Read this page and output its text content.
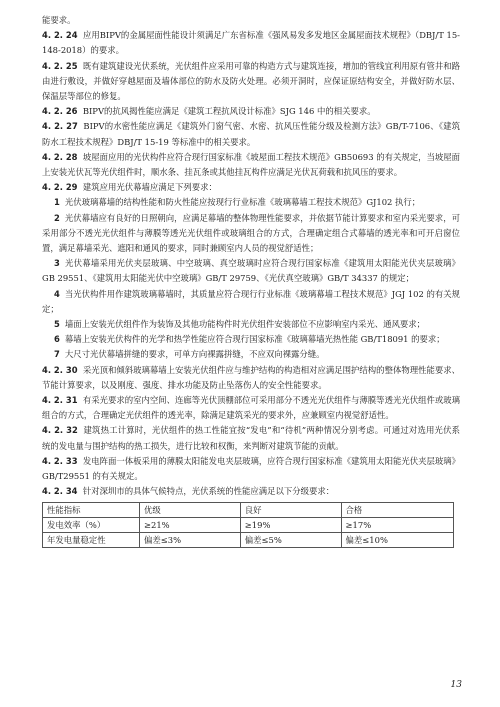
能要求。

4. 2. 24 应用BIPV的金属屋面性能设计须满足广东省标准《强风易发多发地区金属屋面技术规程》（DBJ/T 15-148-2018）的要求。

4. 2. 25 既有建筑建设光伏系统，光伏组件应采用可靠的构造方式与建筑连接，增加的管线宜利用原有管井和路由进行敷设，并做好穿越屋面及墙体部位的防水及防火处理。必须开洞时，应保证原结构安全，并做好防水层、保温层等部位的修复。

4. 2. 26 BIPV的抗风揭性能应满足《建筑工程抗风设计标准》SJG 146 中的相关要求。

4. 2. 27 BIPV的水密性能应满足《建筑外门窗气密、水密、抗风压性能分级及检测方法》GB/T-7106、《建筑防水工程技术规程》DBJ/T 15-19 等标准中的相关要求。

4. 2. 28 坡屋面应用的光伏构件应符合现行国家标准《坡屋面工程技术规范》GB50693 的有关规定，当坡屋面上安装光伏瓦等光伏组件时，顺水条、挂瓦条或其他挂瓦构件应满足光伏瓦荷载和抗风压的要求。

4. 2. 29 建筑应用光伏幕墙应满足下列要求：

1 光伏玻璃幕墙的结构性能和防火性能应按现行行业标准《玻璃幕墙工程技术规范》GJ102 执行；

2 光伏幕墙应有良好的日照朝向，应满足幕墙的整体物理性能要求，并依据节能计算要求和室内采光要求，可采用部分不透光光伏组件与薄膜等透光光伏组件或玻璃组合的方式，合理确定组合式幕墙的透光率和可开启窗位置，满足幕墙采光、遮阳和通风的要求，同时兼顾室内人员的视觉舒适性；

3 光伏幕墙采用光伏夹层玻璃、中空玻璃、真空玻璃时应符合现行国家标准《建筑用太阳能光伏夹层玻璃》GB 29551、《建筑用太阳能光伏中空玻璃》GB/T 29759、《光伏真空玻璃》GB/T 34337 的规定；

4 当光伏构件用作建筑玻璃幕墙时，其质量应符合现行行业标准《玻璃幕墙工程技术规范》JGJ 102 的有关规定；

5 墙面上安装光伏组件作为装饰及其他功能构件时光伏组件安装部位不应影响室内采光、通风要求；

6 幕墙上安装光伏构件的光学和热学性能应符合现行国家标准《玻璃幕墙光热性能 GB/T18091 的要求；

7 大尺寸光伏幕墙拼缝的要求，可单方向裸露拼缝，不应双向裸露分缝。

4. 2. 30 采光顶和倾斜玻璃幕墙上安装光伏组件应与维护结构的构造相对应满足围护结构的整体物理性能要求、节能计算要求，以及刚度、强度、排水功能及防止坠落伤人的安全性能要求。

4. 2. 31 有采光要求的室内空间、连廊等光伏顶棚部位可采用部分不透光光伏组件与薄膜等透光光伏组件或玻璃组合的方式，合理确定光伏组件的透光率，除满足建筑采光的要求外，应兼顾室内视觉舒适性。

4. 2. 32 建筑热工计算时，光伏组件的热工性能宜按“发电”和“待机”两种情况分别考虑。可通过对选用光伏系统的发电量与围护结构的热工损失，进行比较和权衡，来判断对建筑节能的贡献。

4. 2. 33 发电阵面一体板采用的薄膜太阳能发电夹层玻璃，应符合现行国家标准《建筑用太阳能光伏夹层玻璃》GB/T29551 的有关规定。

4. 2. 34 针对深圳市的具体气候特点，光伏系统的性能应满足以下分级要求：

性能指标	优级	良好	合格
发电效率（%）	≥21%	≥19%	≥17%
年发电量稳定性	偏差≤3%	偏差≤5%	偏差≤10%
13
